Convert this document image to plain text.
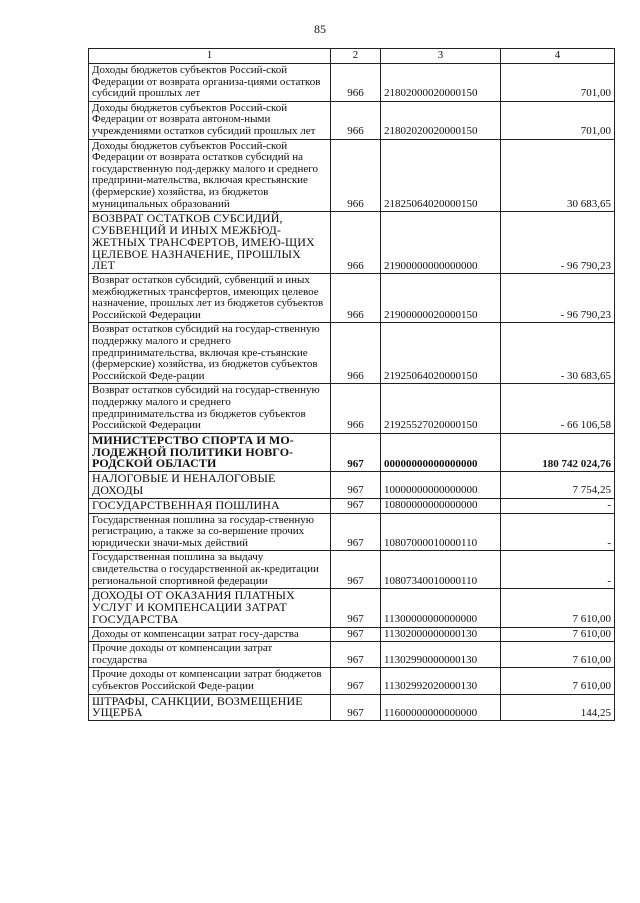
85
1	2	3	4
Доходы бюджетов субъектов Россий-ской Федерации от возврата организа-циями остатков субсидий прошлых лет	966	21802000020000150	701,00
Доходы бюджетов субъектов Россий-ской Федерации от возврата автоном-ными учреждениями остатков субсидий прошлых лет	966	21802020020000150	701,00
Доходы бюджетов субъектов Россий-ской Федерации от возврата остатков субсидий на государственную под-держку малого и среднего предприни-мательства, включая крестьянские (фермерские) хозяйства, из бюджетов муниципальных образований	966	21825064020000150	30 683,65
ВОЗВРАТ ОСТАТКОВ СУБСИДИЙ, СУБВЕНЦИЙ И ИНЫХ МЕЖБЮД-ЖЕТНЫХ ТРАНСФЕРТОВ, ИМЕЮ-ЩИХ ЦЕЛЕВОЕ НАЗНАЧЕНИЕ, ПРОШЛЫХ ЛЕТ	966	21900000000000000	- 96 790,23
Возврат остатков субсидий, субвенций и иных межбюджетных трансфертов, имеющих целевое назначение, прошлых лет из бюджетов субъектов Российской Федерации	966	21900000020000150	- 96 790,23
Возврат остатков субсидий на государ-ственную поддержку малого и среднего предпринимательства, включая кре-стьянские (фермерские) хозяйства, из бюджетов субъектов Российской Феде-рации	966	21925064020000150	- 30 683,65
Возврат остатков субсидий на государ-ственную поддержку малого и среднего предпринимательства из бюджетов субъектов Российской Федерации	966	21925527020000150	- 66 106,58
МИНИСТЕРСТВО СПОРТА И МО-ЛОДЕЖНОЙ ПОЛИТИКИ НОВГО-РОДСКОЙ ОБЛАСТИ	967	00000000000000000	180 742 024,76
НАЛОГОВЫЕ И НЕНАЛОГОВЫЕ ДОХОДЫ	967	10000000000000000	7 754,25
ГОСУДАРСТВЕННАЯ ПОШЛИНА	967	10800000000000000	-
Государственная пошлина за государ-ственную регистрацию, а также за со-вершение прочих юридически значи-мых действий	967	10807000010000110	-
Государственная пошлина за выдачу свидетельства о государственной ак-кредитации региональной спортивной федерации	967	10807340010000110	-
ДОХОДЫ ОТ ОКАЗАНИЯ ПЛАТНЫХ УСЛУГ И КОМПЕНСАЦИИ ЗАТРАТ ГОСУДАРСТВА	967	11300000000000000	7 610,00
Доходы от компенсации затрат госу-дарства	967	11302000000000130	7 610,00
Прочие доходы от компенсации затрат государства	967	11302990000000130	7 610,00
Прочие доходы от компенсации затрат бюджетов субъектов Российской Феде-рации	967	11302992020000130	7 610,00
ШТРАФЫ, САНКЦИИ, ВОЗМЕЩЕНИЕ УЩЕРБА	967	11600000000000000	144,25
